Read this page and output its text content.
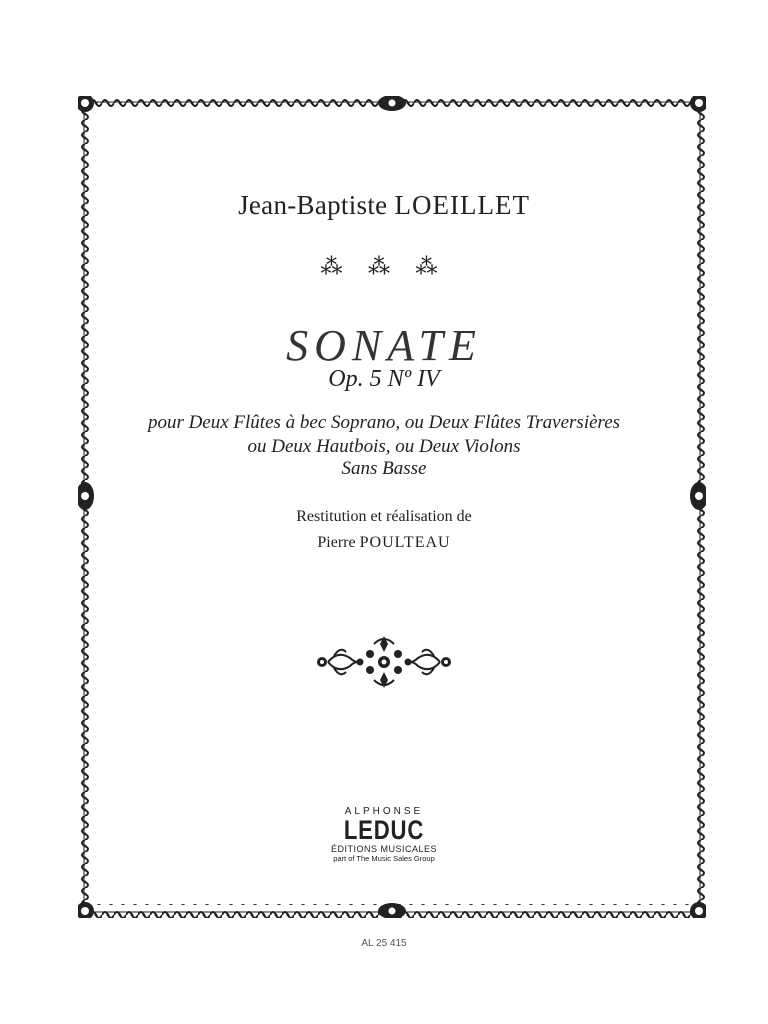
Jean-Baptiste LOEILLET
⁂ ⁂ ⁂
SONATE
Op. 5 Nº IV
pour Deux Flûtes à bec Soprano, ou Deux Flûtes Traversières
ou Deux Hautbois, ou Deux Violons
Sans Basse
Restitution et réalisation de
Pierre POULTEAU
ALPHONSE
LEDUC
ÉDITIONS MUSICALES
part of The Music Sales Group
AL 25 415
